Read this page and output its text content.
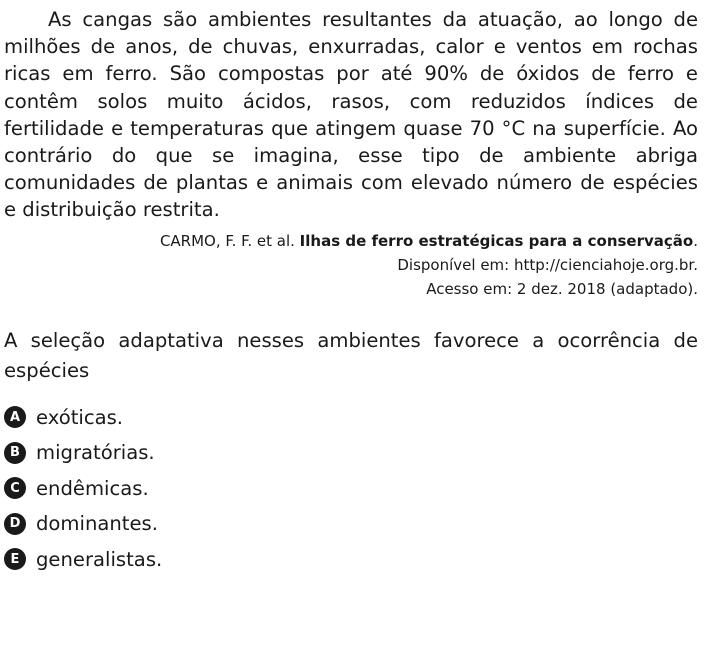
As cangas são ambientes resultantes da atuação, ao longo de milhões de anos, de chuvas, enxurradas, calor e ventos em rochas ricas em ferro. São compostas por até 90% de óxidos de ferro e contêm solos muito ácidos, rasos, com reduzidos índices de fertilidade e temperaturas que atingem quase 70 °C na superfície. Ao contrário do que se imagina, esse tipo de ambiente abriga comunidades de plantas e animais com elevado número de espécies e distribuição restrita.

CARMO, F. F. et al. Ilhas de ferro estratégicas para a conservação.
Disponível em: http://cienciahoje.org.br.
Acesso em: 2 dez. 2018 (adaptado).

A seleção adaptativa nesses ambientes favorece a ocorrência de espécies

A exóticas.
B migratórias.
C endêmicas.
D dominantes.
E generalistas.
